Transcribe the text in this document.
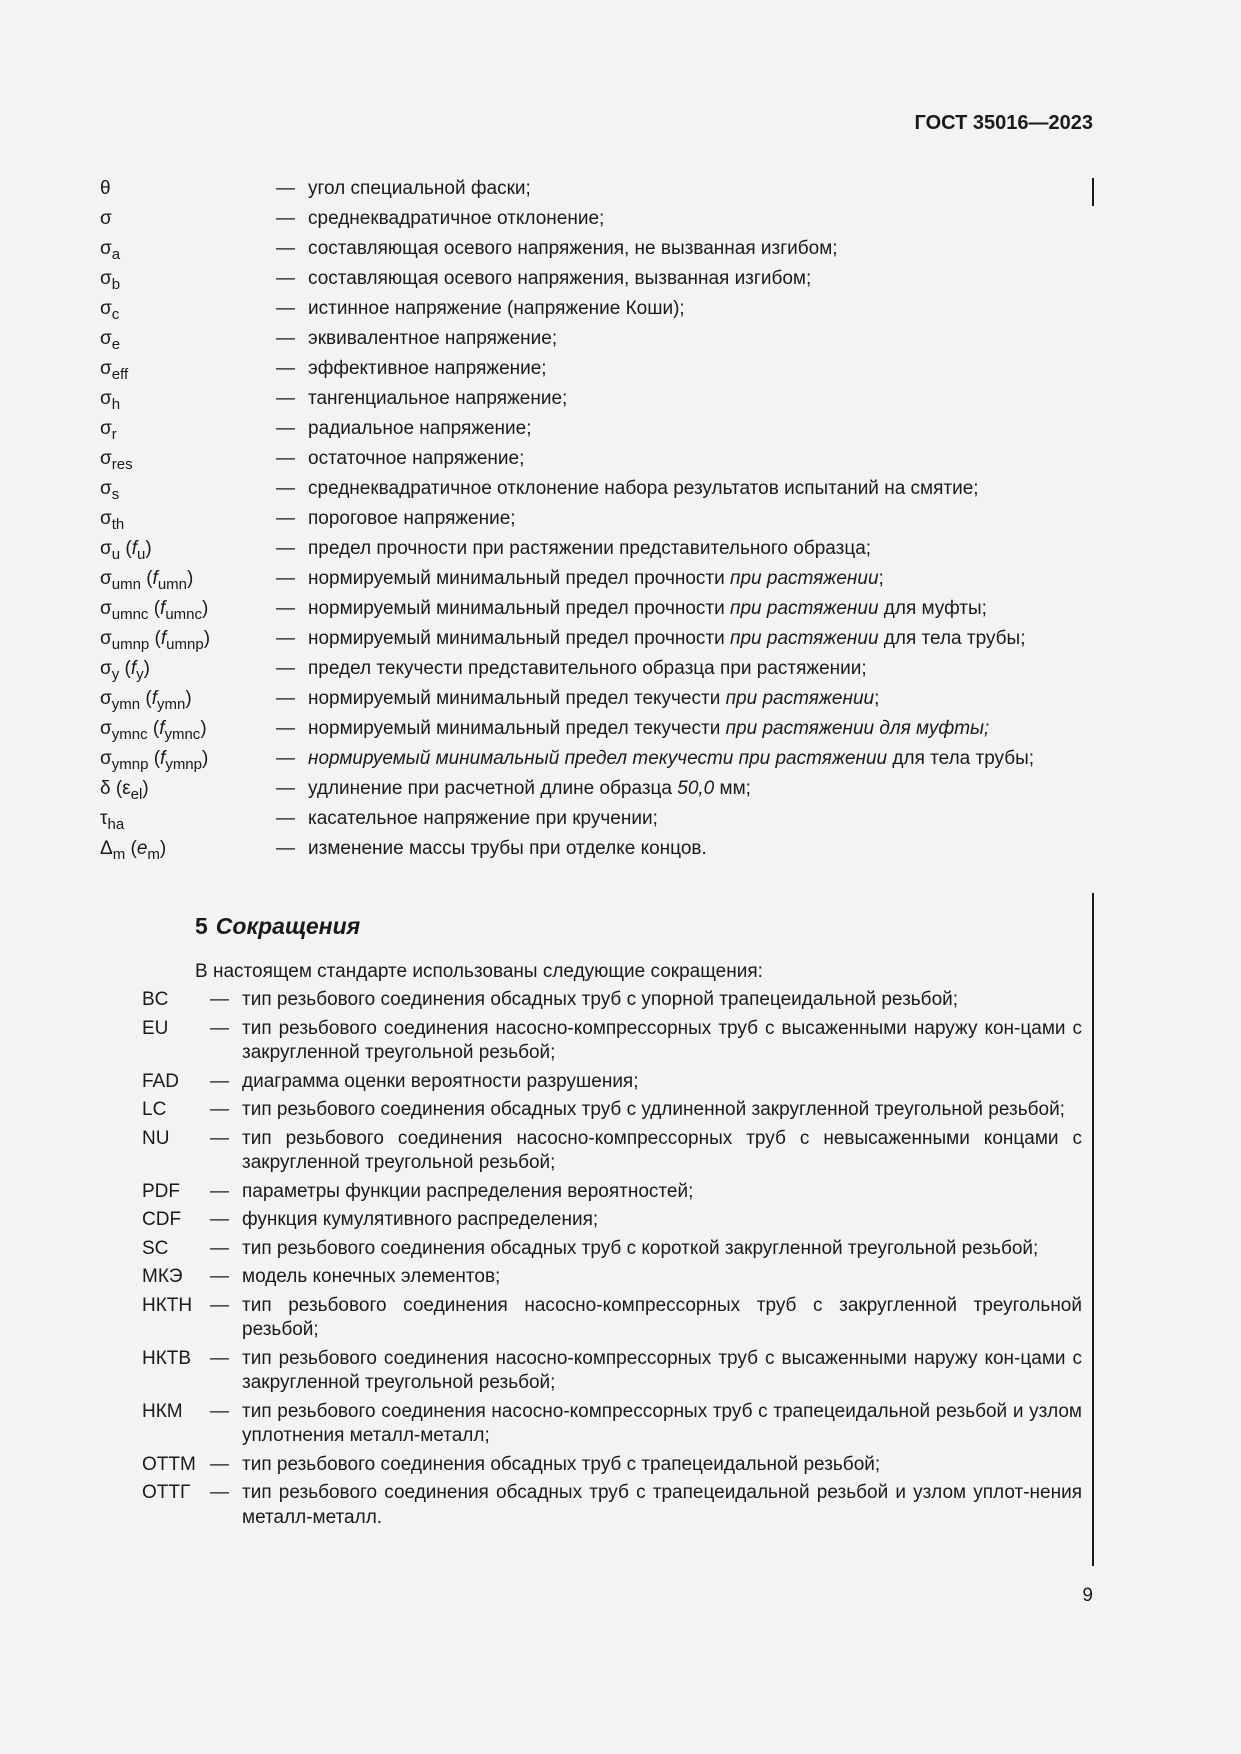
ГОСТ 35016—2023
θ	— угол специальной фаски;
σ	— среднеквадратичное отклонение;
$\sigma_a$	— составляющая осевого напряжения, не вызванная изгибом;
$\sigma_b$	— составляющая осевого напряжения, вызванная изгибом;
$\sigma_c$	— истинное напряжение (напряжение Коши);
$\sigma_e$	— эквивалентное напряжение;
$\sigma_{eff}$	— эффективное напряжение;
$\sigma_h$	— тангенциальное напряжение;
$\sigma_r$	— радиальное напряжение;
$\sigma_{res}$	— остаточное напряжение;
$\sigma_s$	— среднеквадратичное отклонение набора результатов испытаний на смятие;
$\sigma_{th}$	— пороговое напряжение;
$\sigma_u$ $(f_u)$	— предел прочности при растяжении представительного образца;
$\sigma_{umn}$ $(f_{umn})$	— нормируемый минимальный предел прочности при растяжении;
$\sigma_{umnc}$ $(f_{umnc})$	— нормируемый минимальный предел прочности при растяжении для муфты;
$\sigma_{umnp}$ $(f_{umnp})$	— нормируемый минимальный предел прочности при растяжении для тела трубы;
$\sigma_y$ $(f_y)$	— предел текучести представительного образца при растяжении;
$\sigma_{ymn}$ $(f_{ymn})$	— нормируемый минимальный предел текучести при растяжении;
$\sigma_{ymnc}$ $(f_{ymnc})$	— нормируемый минимальный предел текучести при растяжении для муфты;
$\sigma_{ymnp}$ $(f_{ymnp})$	— нормируемый минимальный предел текучести при растяжении для тела трубы;
δ $(\varepsilon_{el})$	— удлинение при расчетной длине образца 50,0 мм;
$\tau_{ha}$	— касательное напряжение при кручении;
$\Delta_m$ $(e_m)$	— изменение массы трубы при отделке концов.
5 Сокращения
В настоящем стандарте использованы следующие сокращения:
BC	— тип резьбового соединения обсадных труб с упорной трапецеидальной резьбой;
EU	— тип резьбового соединения насосно-компрессорных труб с высаженными наружу кон-цами с закругленной треугольной резьбой;
FAD	— диаграмма оценки вероятности разрушения;
LC	— тип резьбового соединения обсадных труб с удлиненной закругленной треугольной резьбой;
NU	— тип резьбового соединения насосно-компрессорных труб с невысаженными концами с закругленной треугольной резьбой;
PDF	— параметры функции распределения вероятностей;
CDF	— функция кумулятивного распределения;
SC	— тип резьбового соединения обсадных труб с короткой закругленной треугольной резьбой;
МКЭ	— модель конечных элементов;
НКТН — тип резьбового соединения насосно-компрессорных труб с закругленной треугольной резьбой;
НКТВ — тип резьбового соединения насосно-компрессорных труб с высаженными наружу кон-цами с закругленной треугольной резьбой;
НКМ	— тип резьбового соединения насосно-компрессорных труб с трапецеидальной резьбой и узлом уплотнения металл-металл;
ОТТМ — тип резьбового соединения обсадных труб с трапецеидальной резьбой;
ОТТГ	— тип резьбового соединения обсадных труб с трапецеидальной резьбой и узлом уплот-нения металл-металл.
9
